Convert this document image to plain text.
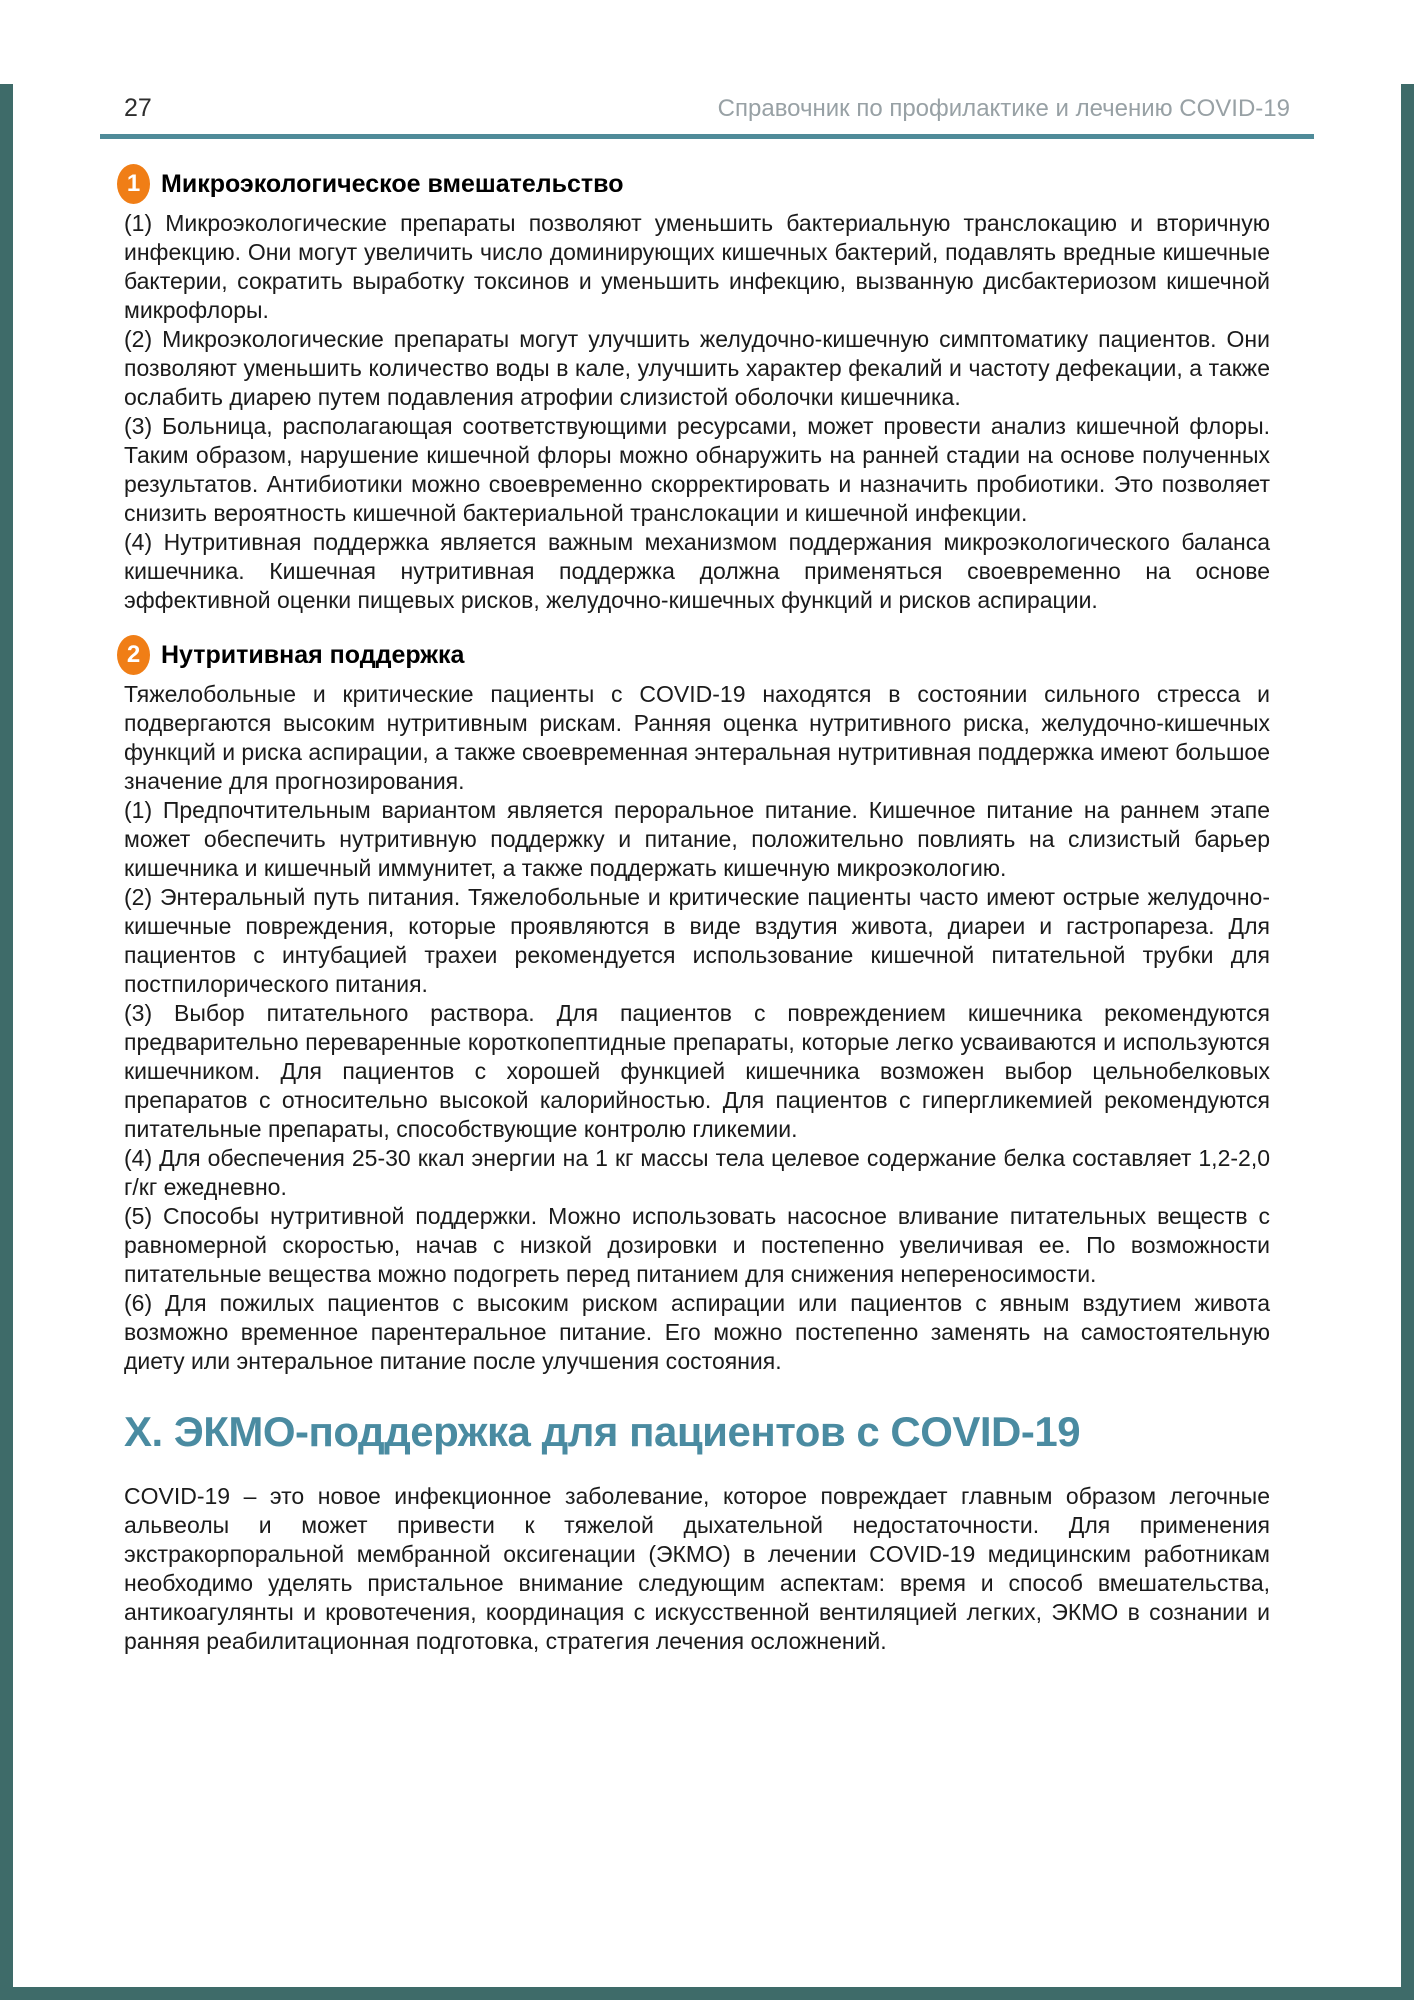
27	Справочник по профилактике и лечению COVID-19
1 Микроэкологическое вмешательство

(1) Микроэкологические препараты позволяют уменьшить бактериальную транслокацию и вторичную инфекцию. Они могут увеличить число доминирующих кишечных бактерий, подавлять вредные кишечные бактерии, сократить выработку токсинов и уменьшить инфекцию, вызванную дисбактериозом кишечной микрофлоры.

(2) Микроэкологические препараты могут улучшить желудочно-кишечную симптоматику пациентов. Они позволяют уменьшить количество воды в кале, улучшить характер фекалий и частоту дефекации, а также ослабить диарею путем подавления атрофии слизистой оболочки кишечника.

(3) Больница, располагающая соответствующими ресурсами, может провести анализ кишечной флоры. Таким образом, нарушение кишечной флоры можно обнаружить на ранней стадии на основе полученных результатов. Антибиотики можно своевременно скорректировать и назначить пробиотики. Это позволяет снизить вероятность кишечной бактериальной транслокации и кишечной инфекции.

(4) Нутритивная поддержка является важным механизмом поддержания микроэкологического баланса кишечника. Кишечная нутритивная поддержка должна применяться своевременно на основе эффективной оценки пищевых рисков, желудочно-кишечных функций и рисков аспирации.

2 Нутритивная поддержка

Тяжелобольные и критические пациенты с COVID-19 находятся в состоянии сильного стресса и подвергаются высоким нутритивным рискам. Ранняя оценка нутритивного риска, желудочно-кишечных функций и риска аспирации, а также своевременная энтеральная нутритивная поддержка имеют большое значение для прогнозирования.

(1) Предпочтительным вариантом является пероральное питание. Кишечное питание на раннем этапе может обеспечить нутритивную поддержку и питание, положительно повлиять на слизистый барьер кишечника и кишечный иммунитет, а также поддержать кишечную микроэкологию.

(2) Энтеральный путь питания. Тяжелобольные и критические пациенты часто имеют острые желудочно-кишечные повреждения, которые проявляются в виде вздутия живота, диареи и гастропареза. Для пациентов с интубацией трахеи рекомендуется использование кишечной питательной трубки для постпилорического питания.

(3) Выбор питательного раствора. Для пациентов с повреждением кишечника рекомендуются предварительно переваренные короткопептидные препараты, которые легко усваиваются и используются кишечником. Для пациентов с хорошей функцией кишечника возможен выбор цельнобелковых препаратов с относительно высокой калорийностью. Для пациентов с гипергликемией рекомендуются питательные препараты, способствующие контролю гликемии.

(4) Для обеспечения 25-30 ккал энергии на 1 кг массы тела целевое содержание белка составляет 1,2-2,0 г/кг ежедневно.

(5) Способы нутритивной поддержки. Можно использовать насосное вливание питательных веществ с равномерной скоростью, начав с низкой дозировки и постепенно увеличивая ее. По возможности питательные вещества можно подогреть перед питанием для снижения непереносимости.

(6) Для пожилых пациентов с высоким риском аспирации или пациентов с явным вздутием живота возможно временное парентеральное питание. Его можно постепенно заменять на самостоятельную диету или энтеральное питание после улучшения состояния.

X. ЭКМО-поддержка для пациентов с COVID-19

COVID-19 – это новое инфекционное заболевание, которое повреждает главным образом легочные альвеолы и может привести к тяжелой дыхательной недостаточности. Для применения экстракорпоральной мембранной оксигенации (ЭКМО) в лечении COVID-19 медицинским работникам необходимо уделять пристальное внимание следующим аспектам: время и способ вмешательства, антикоагулянты и кровотечения, координация с искусственной вентиляцией легких, ЭКМО в сознании и ранняя реабилитационная подготовка, стратегия лечения осложнений.
